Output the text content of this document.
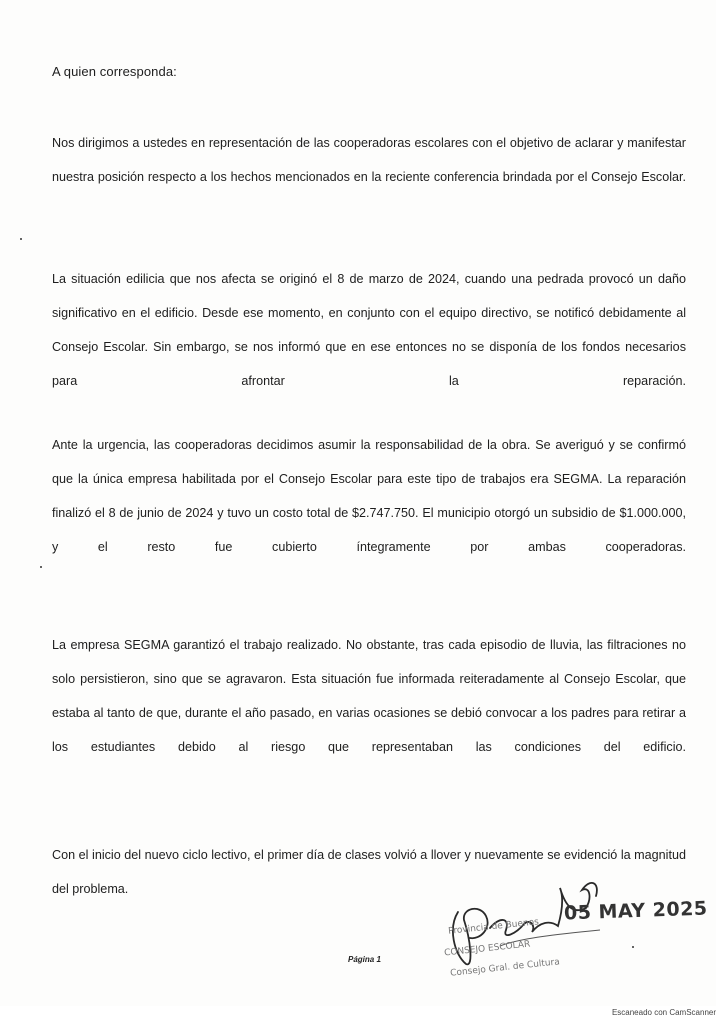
A quien corresponda:

Nos dirigimos a ustedes en representación de las cooperadoras escolares con el objetivo de aclarar y manifestar nuestra posición respecto a los hechos mencionados en la reciente conferencia brindada por el Consejo Escolar.

La situación edilicia que nos afecta se originó el 8 de marzo de 2024, cuando una pedrada provocó un daño significativo en el edificio. Desde ese momento, en conjunto con el equipo directivo, se notificó debidamente al Consejo Escolar. Sin embargo, se nos informó que en ese entonces no se disponía de los fondos necesarios para afrontar la reparación.

Ante la urgencia, las cooperadoras decidimos asumir la responsabilidad de la obra. Se averiguó y se confirmó que la única empresa habilitada por el Consejo Escolar para este tipo de trabajos era SEGMA. La reparación finalizó el 8 de junio de 2024 y tuvo un costo total de $2.747.750. El municipio otorgó un subsidio de $1.000.000, y el resto fue cubierto íntegramente por ambas cooperadoras.

La empresa SEGMA garantizó el trabajo realizado. No obstante, tras cada episodio de lluvia, las filtraciones no solo persistieron, sino que se agravaron. Esta situación fue informada reiteradamente al Consejo Escolar, que estaba al tanto de que, durante el año pasado, en varias ocasiones se debió convocar a los padres para retirar a los estudiantes debido al riesgo que representaban las condiciones del edificio.

Con el inicio del nuevo ciclo lectivo, el primer día de clases volvió a llover y nuevamente se evidenció la magnitud del problema.

Página 1
05 MAY 2025
Provincia de Buenos
CONSEJO ESCOLAR
Consejo Gral. de Cultura
Escaneado con CamScanner
